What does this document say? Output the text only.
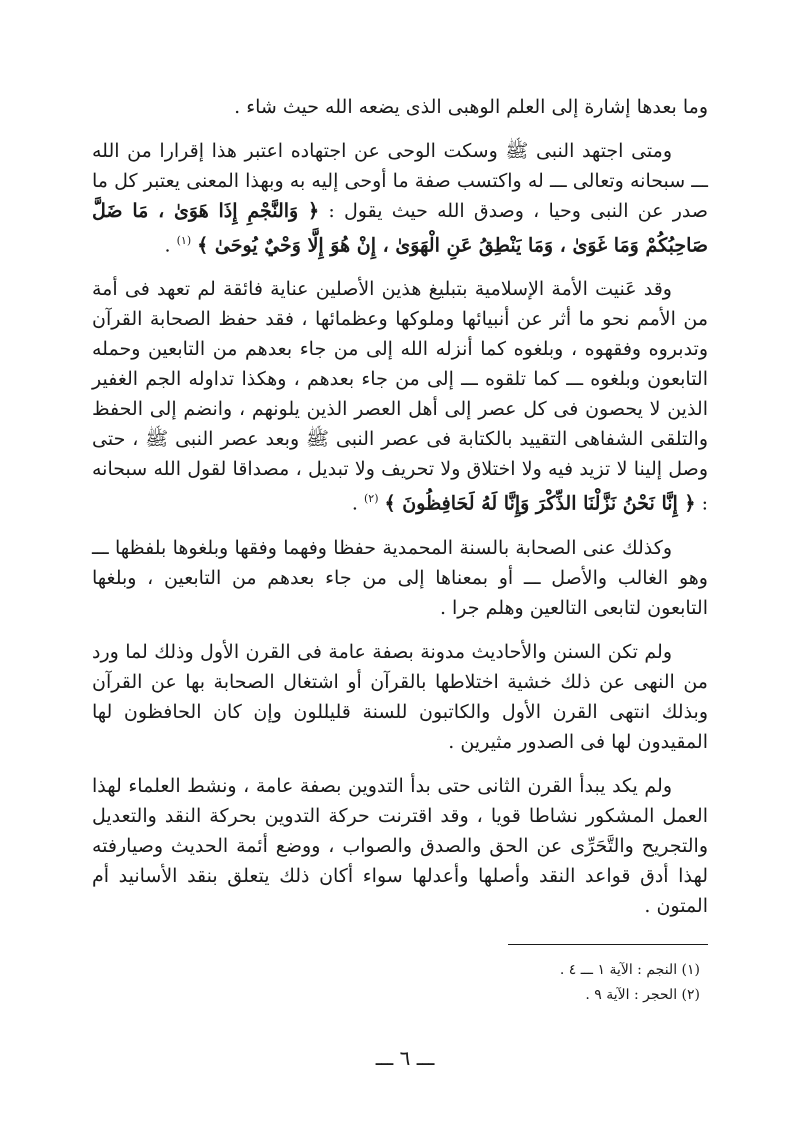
وما بعدها إشارة إلى العلم الوهبى الذى يضعه الله حيث شاء .

ومتى اجتهد النبى ﷺ وسكت الوحى عن اجتهاده اعتبر هذا إقرارا من الله ـــ سبحانه وتعالى ـــ له واكتسب صفة ما أوحى إليه به وبهذا المعنى يعتبر كل ما صدر عن النبى وحيا ، وصدق الله حيث يقول : ﴿ وَالنَّجْمِ إِذَا هَوَىٰ ، مَا ضَلَّ صَاحِبُكُمْ وَمَا غَوَىٰ ، وَمَا يَنْطِقُ عَنِ الْهَوَىٰ ، إِنْ هُوَ إِلَّا وَحْيٌ يُوحَىٰ ﴾ $^{(١)}$ .

وقد عَنيت الأمة الإسلامية بتبليغ هذين الأصلين عناية فائقة لم تعهد فى أمة من الأمم نحو ما أثر عن أنبيائها وملوكها وعظمائها ، فقد حفظ الصحابة القرآن وتدبروه وفقهوه ، وبلغوه كما أنزله الله إلى من جاء بعدهم من التابعين وحمله التابعون وبلغوه ـــ كما تلقوه ـــ إلى من جاء بعدهم ، وهكذا تداوله الجم الغفير الذين لا يحصون فى كل عصر إلى أهل العصر الذين يلونهم ، وانضم إلى الحفظ والتلقى الشفاهى التقييد بالكتابة فى عصر النبى ﷺ وبعد عصر النبى ﷺ ، حتى وصل إلينا لا تزيد فيه ولا اختلاق ولا تحريف ولا تبديل ، مصداقا لقول الله سبحانه : ﴿ إِنَّا نَحْنُ نَزَّلْنَا الذِّكْرَ وَإِنَّا لَهُ لَحَافِظُونَ ﴾ $^{(٢)}$ .

وكذلك عنى الصحابة بالسنة المحمدية حفظا وفهما وفقها وبلغوها بلفظها ـــ وهو الغالب والأصل ـــ أو بمعناها إلى من جاء بعدهم من التابعين ، وبلغها التابعون لتابعى التالعين وهلم جرا .

ولم تكن السنن والأحاديث مدونة بصفة عامة فى القرن الأول وذلك لما ورد من النهى عن ذلك خشية اختلاطها بالقرآن أو اشتغال الصحابة بها عن القرآن وبذلك انتهى القرن الأول والكاتبون للسنة قليللون وإن كان الحافظون لها المقيدون لها فى الصدور مثيرين .

ولم يكد يبدأ القرن الثانى حتى بدأ التدوين بصفة عامة ، ونشط العلماء لهذا العمل المشكور نشاطا قويا ، وقد اقترنت حركة التدوين بحركة النقد والتعديل والتجريح والتَّحَرِّى عن الحق والصدق والصواب ، ووضع أئمة الحديث وصيارفته لهذا أدق قواعد النقد وأصلها وأعدلها سواء أكان ذلك يتعلق بنقد الأسانيد أم المتون .

(١) النجم : الآية ١ ـــ ٤ .
(٢) الحجر : الآية ٩ .
ـــ ٦ ـــ
